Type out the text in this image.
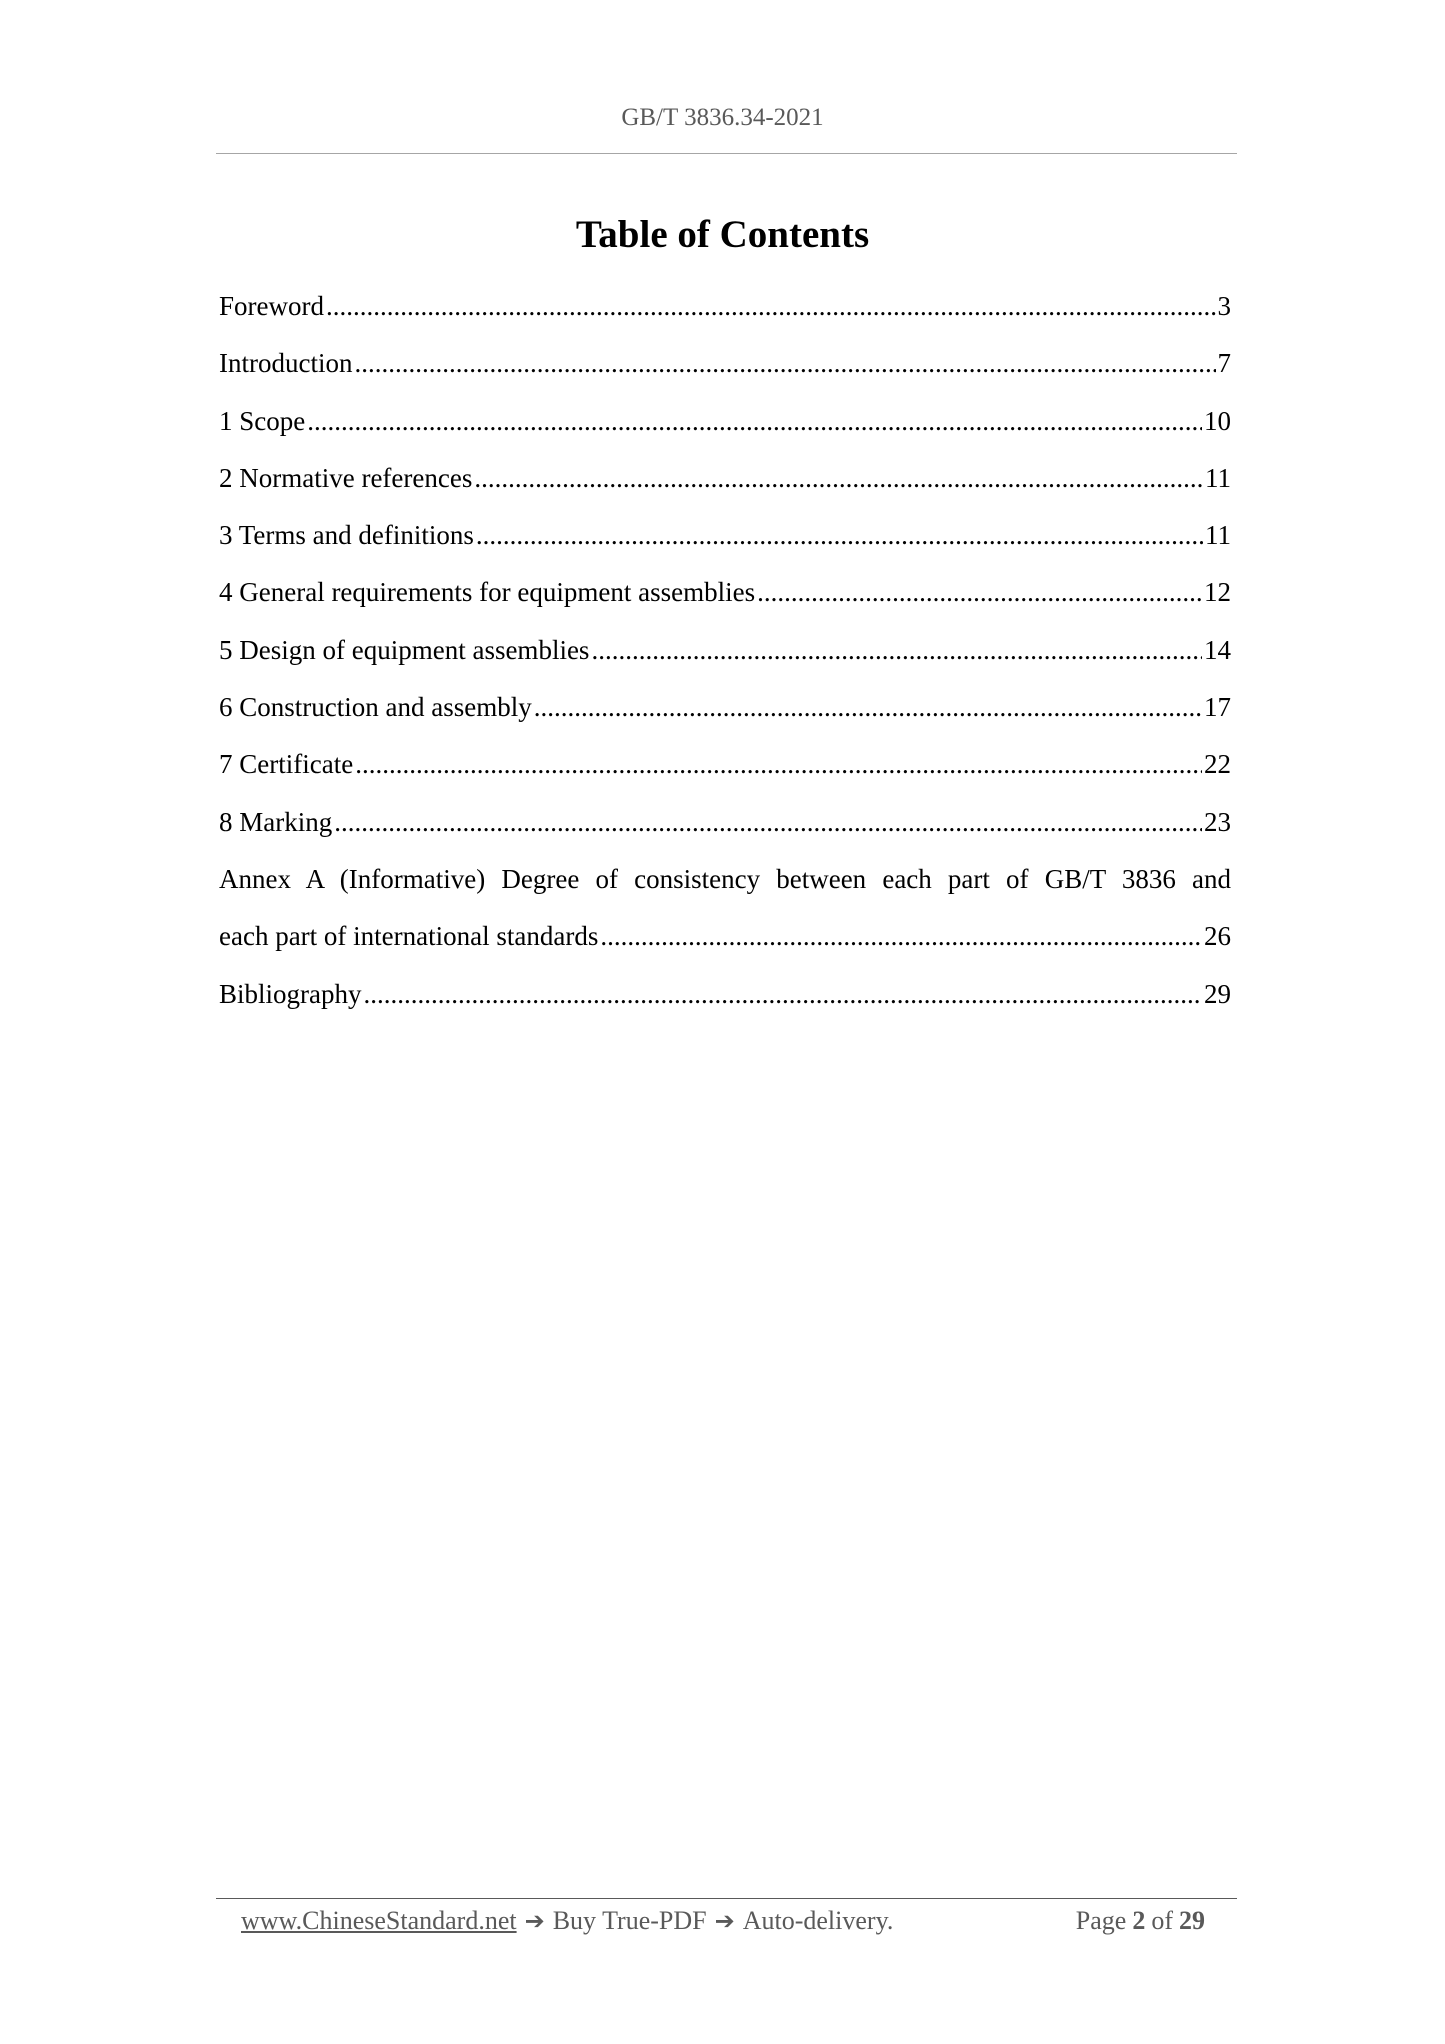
GB/T 3836.34-2021
Table of Contents
Foreword .....	3
Introduction .....	7
1 Scope .....	10
2 Normative references .....	11
3 Terms and definitions .....	11
4 General requirements for equipment assemblies .....	12
5 Design of equipment assemblies .....	14
6 Construction and assembly .....	17
7 Certificate .....	22
8 Marking .....	23
Annex A (Informative) Degree of consistency between each part of GB/T 3836 and
each part of international standards .....	26
Bibliography .....	29
www.ChineseStandard.net ➔ Buy True-PDF ➔ Auto-delivery.	Page 2 of 29
